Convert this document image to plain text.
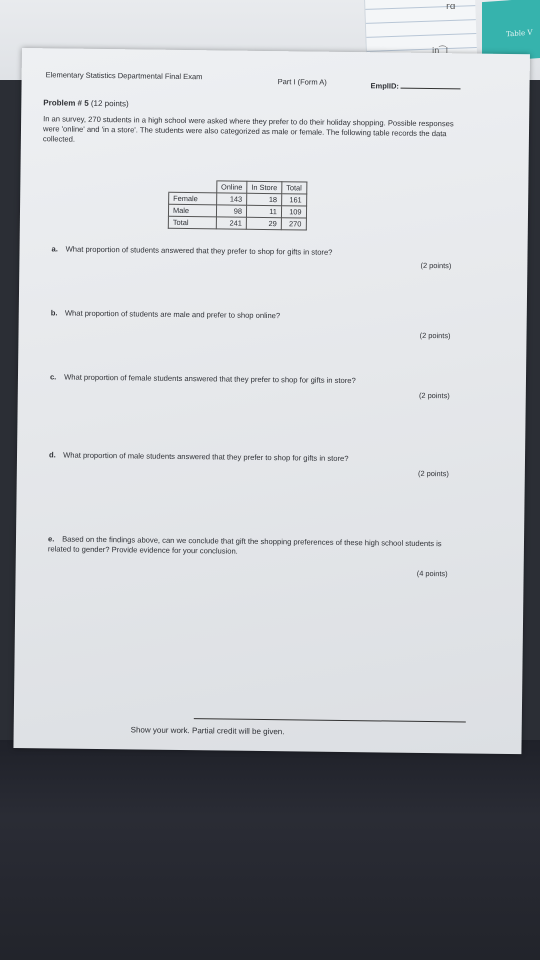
rɑ
in⁀l
Table V
Elementary Statistics Departmental Final Exam
Part I (Form A)	EmplID:
Problem # 5 (12 points)
In an survey, 270 students in a high school were asked where they prefer to do their holiday shopping. Possible responses were 'online' and 'in a store'. The students were also categorized as male or female. The following table records the data collected.
	Online	In Store	Total
Female	143	18	161
Male	98	11	109
Total	241	29	270
a. What proportion of students answered that they prefer to shop for gifts in store?
(2 points)
b. What proportion of students are male and prefer to shop online?
(2 points)
c. What proportion of female students answered that they prefer to shop for gifts in store?
(2 points)
d. What proportion of male students answered that they prefer to shop for gifts in store?
(2 points)
e. Based on the findings above, can we conclude that gift the shopping preferences of these high school students is related to gender? Provide evidence for your conclusion.
(4 points)
Show your work. Partial credit will be given.
